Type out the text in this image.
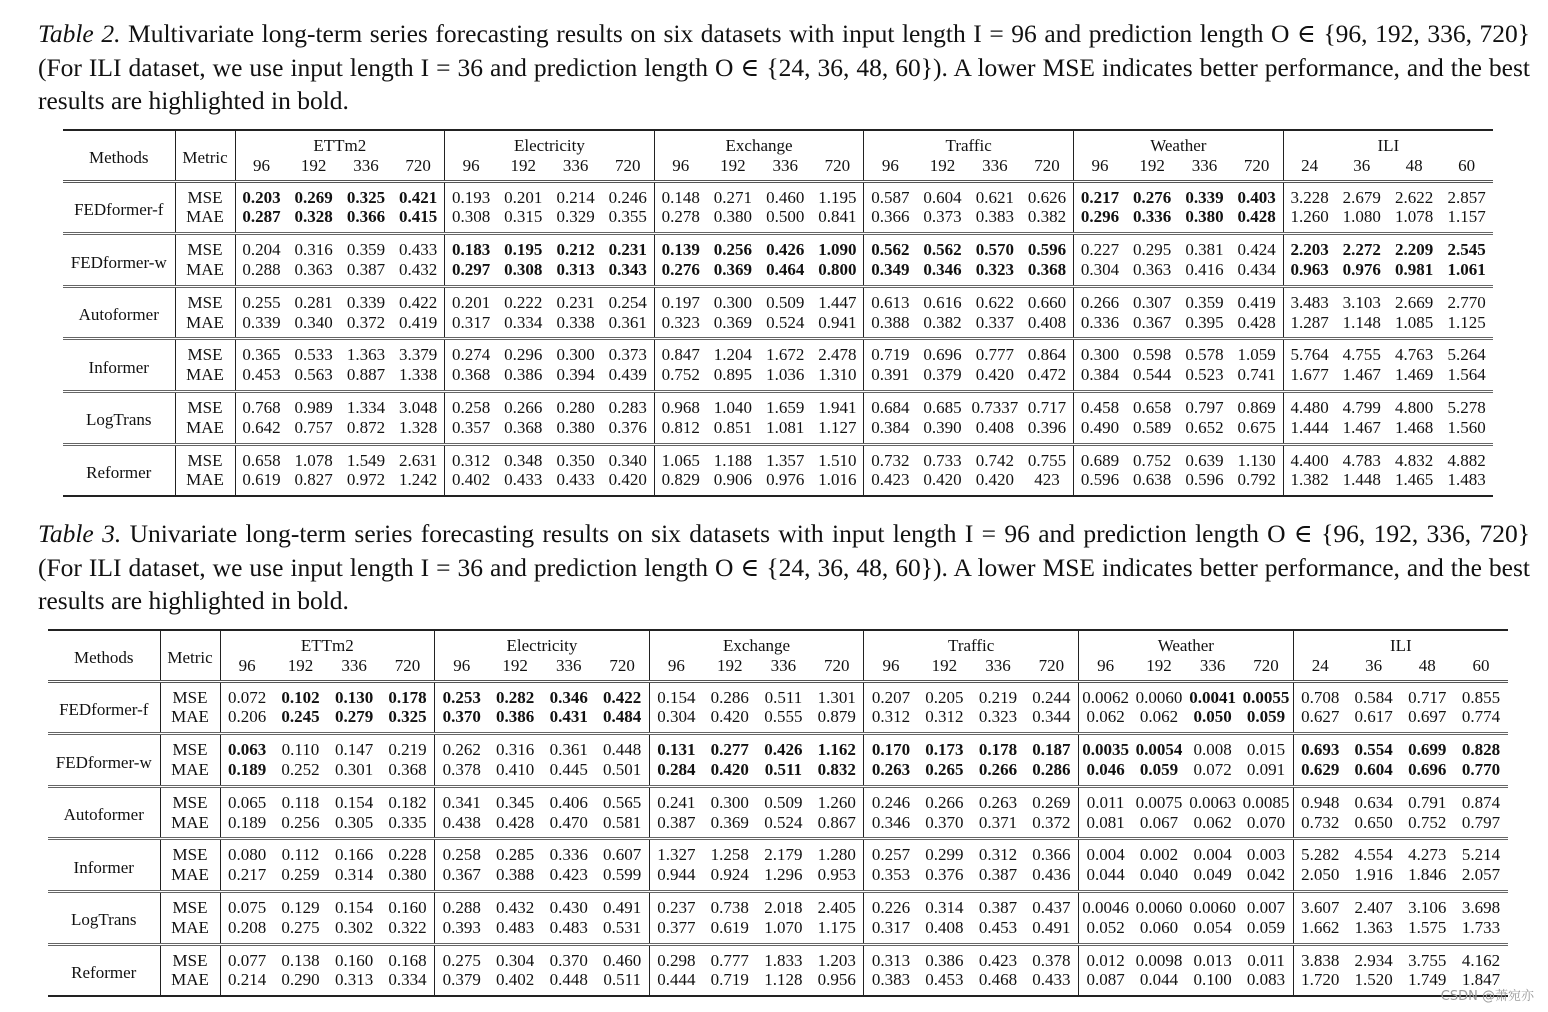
Table 2. Multivariate long-term series forecasting results on six datasets with input length I = 96 and prediction length O ∈ {96, 192, 336, 720} (For ILI dataset, we use input length I = 36 and prediction length O ∈ {24, 36, 48, 60}). A lower MSE indicates better performance, and the best results are highlighted in bold.
Methods	Metric	ETTm2				Electricity				Exchange				Traffic				Weather				ILI			
		96	192	336	720	96	192	336	720	96	192	336	720	96	192	336	720	96	192	336	720	24	36	48	60
FEDformer-f	MSE	0.203	0.269	0.325	0.421	0.193	0.201	0.214	0.246	0.148	0.271	0.460	1.195	0.587	0.604	0.621	0.626	0.217	0.276	0.339	0.403	3.228	2.679	2.622	2.857
	MAE	0.287	0.328	0.366	0.415	0.308	0.315	0.329	0.355	0.278	0.380	0.500	0.841	0.366	0.373	0.383	0.382	0.296	0.336	0.380	0.428	1.260	1.080	1.078	1.157
FEDformer-w	MSE	0.204	0.316	0.359	0.433	0.183	0.195	0.212	0.231	0.139	0.256	0.426	1.090	0.562	0.562	0.570	0.596	0.227	0.295	0.381	0.424	2.203	2.272	2.209	2.545
	MAE	0.288	0.363	0.387	0.432	0.297	0.308	0.313	0.343	0.276	0.369	0.464	0.800	0.349	0.346	0.323	0.368	0.304	0.363	0.416	0.434	0.963	0.976	0.981	1.061
Autoformer	MSE	0.255	0.281	0.339	0.422	0.201	0.222	0.231	0.254	0.197	0.300	0.509	1.447	0.613	0.616	0.622	0.660	0.266	0.307	0.359	0.419	3.483	3.103	2.669	2.770
	MAE	0.339	0.340	0.372	0.419	0.317	0.334	0.338	0.361	0.323	0.369	0.524	0.941	0.388	0.382	0.337	0.408	0.336	0.367	0.395	0.428	1.287	1.148	1.085	1.125
Informer	MSE	0.365	0.533	1.363	3.379	0.274	0.296	0.300	0.373	0.847	1.204	1.672	2.478	0.719	0.696	0.777	0.864	0.300	0.598	0.578	1.059	5.764	4.755	4.763	5.264
	MAE	0.453	0.563	0.887	1.338	0.368	0.386	0.394	0.439	0.752	0.895	1.036	1.310	0.391	0.379	0.420	0.472	0.384	0.544	0.523	0.741	1.677	1.467	1.469	1.564
LogTrans	MSE	0.768	0.989	1.334	3.048	0.258	0.266	0.280	0.283	0.968	1.040	1.659	1.941	0.684	0.685	0.7337	0.717	0.458	0.658	0.797	0.869	4.480	4.799	4.800	5.278
	MAE	0.642	0.757	0.872	1.328	0.357	0.368	0.380	0.376	0.812	0.851	1.081	1.127	0.384	0.390	0.408	0.396	0.490	0.589	0.652	0.675	1.444	1.467	1.468	1.560
Reformer	MSE	0.658	1.078	1.549	2.631	0.312	0.348	0.350	0.340	1.065	1.188	1.357	1.510	0.732	0.733	0.742	0.755	0.689	0.752	0.639	1.130	4.400	4.783	4.832	4.882
	MAE	0.619	0.827	0.972	1.242	0.402	0.433	0.433	0.420	0.829	0.906	0.976	1.016	0.423	0.420	0.420	423	0.596	0.638	0.596	0.792	1.382	1.448	1.465	1.483
Table 3. Univariate long-term series forecasting results on six datasets with input length I = 96 and prediction length O ∈ {96, 192, 336, 720} (For ILI dataset, we use input length I = 36 and prediction length O ∈ {24, 36, 48, 60}). A lower MSE indicates better performance, and the best results are highlighted in bold.
Methods	Metric	ETTm2				Electricity				Exchange				Traffic				Weather				ILI			
		96	192	336	720	96	192	336	720	96	192	336	720	96	192	336	720	96	192	336	720	24	36	48	60
FEDformer-f	MSE	0.072	0.102	0.130	0.178	0.253	0.282	0.346	0.422	0.154	0.286	0.511	1.301	0.207	0.205	0.219	0.244	0.0062	0.0060	0.0041	0.0055	0.708	0.584	0.717	0.855
	MAE	0.206	0.245	0.279	0.325	0.370	0.386	0.431	0.484	0.304	0.420	0.555	0.879	0.312	0.312	0.323	0.344	0.062	0.062	0.050	0.059	0.627	0.617	0.697	0.774
FEDformer-w	MSE	0.063	0.110	0.147	0.219	0.262	0.316	0.361	0.448	0.131	0.277	0.426	1.162	0.170	0.173	0.178	0.187	0.0035	0.0054	0.008	0.015	0.693	0.554	0.699	0.828
	MAE	0.189	0.252	0.301	0.368	0.378	0.410	0.445	0.501	0.284	0.420	0.511	0.832	0.263	0.265	0.266	0.286	0.046	0.059	0.072	0.091	0.629	0.604	0.696	0.770
Autoformer	MSE	0.065	0.118	0.154	0.182	0.341	0.345	0.406	0.565	0.241	0.300	0.509	1.260	0.246	0.266	0.263	0.269	0.011	0.0075	0.0063	0.0085	0.948	0.634	0.791	0.874
	MAE	0.189	0.256	0.305	0.335	0.438	0.428	0.470	0.581	0.387	0.369	0.524	0.867	0.346	0.370	0.371	0.372	0.081	0.067	0.062	0.070	0.732	0.650	0.752	0.797
Informer	MSE	0.080	0.112	0.166	0.228	0.258	0.285	0.336	0.607	1.327	1.258	2.179	1.280	0.257	0.299	0.312	0.366	0.004	0.002	0.004	0.003	5.282	4.554	4.273	5.214
	MAE	0.217	0.259	0.314	0.380	0.367	0.388	0.423	0.599	0.944	0.924	1.296	0.953	0.353	0.376	0.387	0.436	0.044	0.040	0.049	0.042	2.050	1.916	1.846	2.057
LogTrans	MSE	0.075	0.129	0.154	0.160	0.288	0.432	0.430	0.491	0.237	0.738	2.018	2.405	0.226	0.314	0.387	0.437	0.0046	0.0060	0.0060	0.007	3.607	2.407	3.106	3.698
	MAE	0.208	0.275	0.302	0.322	0.393	0.483	0.483	0.531	0.377	0.619	1.070	1.175	0.317	0.408	0.453	0.491	0.052	0.060	0.054	0.059	1.662	1.363	1.575	1.733
Reformer	MSE	0.077	0.138	0.160	0.168	0.275	0.304	0.370	0.460	0.298	0.777	1.833	1.203	0.313	0.386	0.423	0.378	0.012	0.0098	0.013	0.011	3.838	2.934	3.755	4.162
	MAE	0.214	0.290	0.313	0.334	0.379	0.402	0.448	0.511	0.444	0.719	1.128	0.956	0.383	0.453	0.468	0.433	0.087	0.044	0.100	0.083	1.720	1.520	1.749	1.847
CSDN @萧宛亦
